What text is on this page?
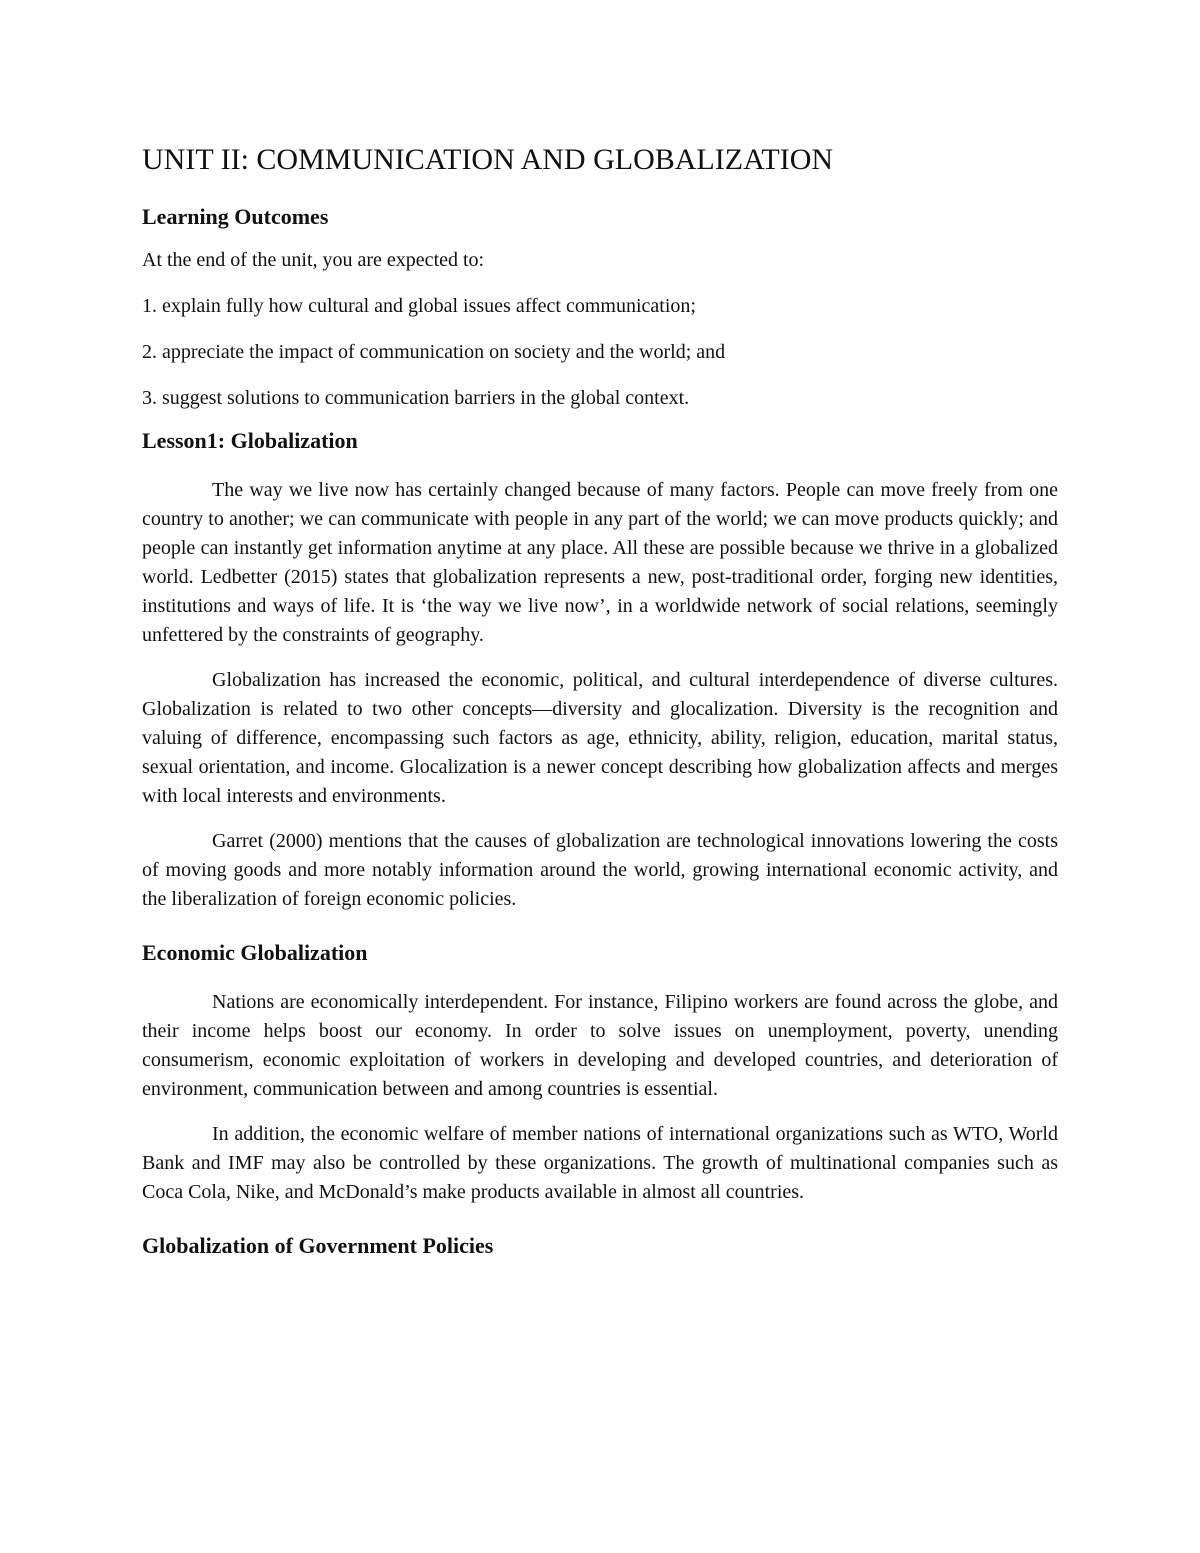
UNIT II: COMMUNICATION AND GLOBALIZATION
Learning Outcomes

At the end of the unit, you are expected to:

1. explain fully how cultural and global issues affect communication;

2. appreciate the impact of communication on society and the world; and

3. suggest solutions to communication barriers in the global context.

Lesson1: Globalization

The way we live now has certainly changed because of many factors. People can move freely from one country to another; we can communicate with people in any part of the world; we can move products quickly; and people can instantly get information anytime at any place. All these are possible because we thrive in a globalized world. Ledbetter (2015) states that globalization represents a new, post-traditional order, forging new identities, institutions and ways of life. It is ‘the way we live now’, in a worldwide network of social relations, seemingly unfettered by the constraints of geography.

Globalization has increased the economic, political, and cultural interdependence of diverse cultures. Globalization is related to two other concepts—diversity and glocalization. Diversity is the recognition and valuing of difference, encompassing such factors as age, ethnicity, ability, religion, education, marital status, sexual orientation, and income. Glocalization is a newer concept describing how globalization affects and merges with local interests and environments.

Garret (2000) mentions that the causes of globalization are technological innovations lowering the costs of moving goods and more notably information around the world, growing international economic activity, and the liberalization of foreign economic policies.

Economic Globalization

Nations are economically interdependent. For instance, Filipino workers are found across the globe, and their income helps boost our economy. In order to solve issues on unemployment, poverty, unending consumerism, economic exploitation of workers in developing and developed countries, and deterioration of environment, communication between and among countries is essential.

In addition, the economic welfare of member nations of international organizations such as WTO, World Bank and IMF may also be controlled by these organizations. The growth of multinational companies such as Coca Cola, Nike, and McDonald’s make products available in almost all countries.

Globalization of Government Policies
